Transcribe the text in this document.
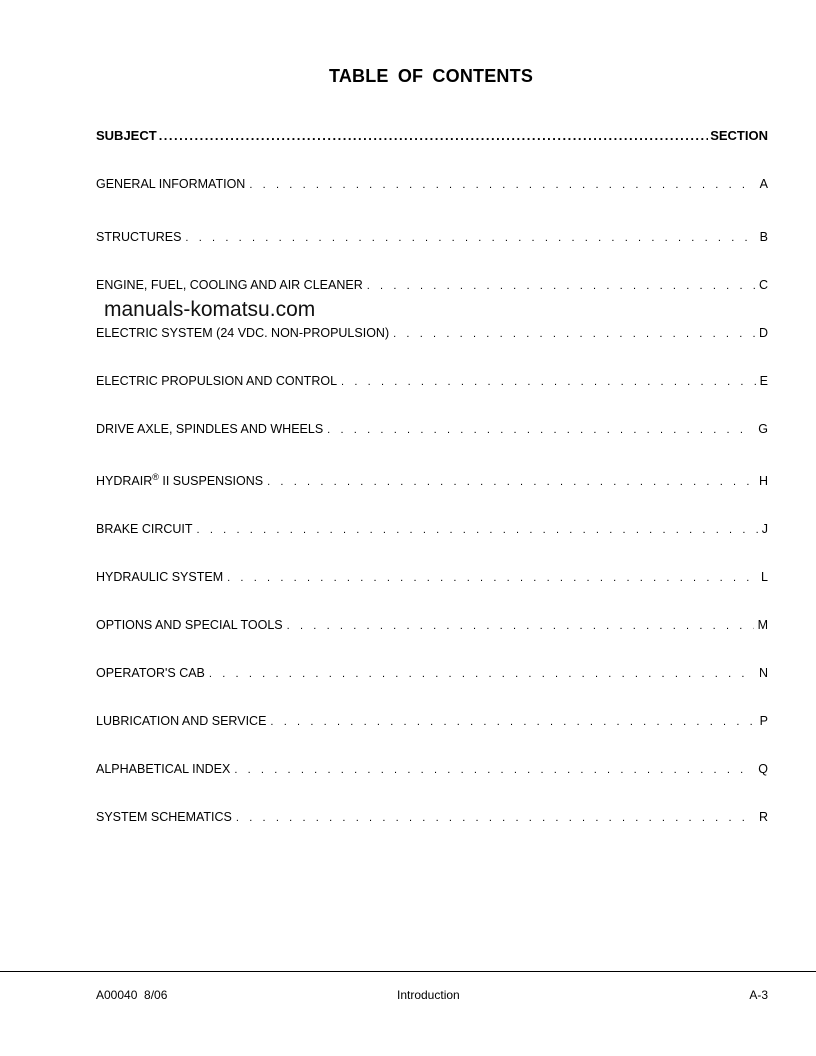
TABLE OF CONTENTS
SUBJECT .....	SECTION
GENERAL INFORMATION . . .	A
STRUCTURES . . .	B
ENGINE, FUEL, COOLING AND AIR CLEANER . . .	C
manuals-komatsu.com
ELECTRIC SYSTEM (24 VDC. NON-PROPULSION) . . .	D
ELECTRIC PROPULSION AND CONTROL . . .	E
DRIVE AXLE, SPINDLES AND WHEELS . . .	G
HYDRAIR® II SUSPENSIONS . . .	H
BRAKE CIRCUIT . . .	J
HYDRAULIC SYSTEM . . .	L
OPTIONS AND SPECIAL TOOLS . . .	M
OPERATOR'S CAB . . .	N
LUBRICATION AND SERVICE . . .	P
ALPHABETICAL INDEX . . .	Q
SYSTEM SCHEMATICS . . .	R
A00040  8/06	Introduction	A-3
